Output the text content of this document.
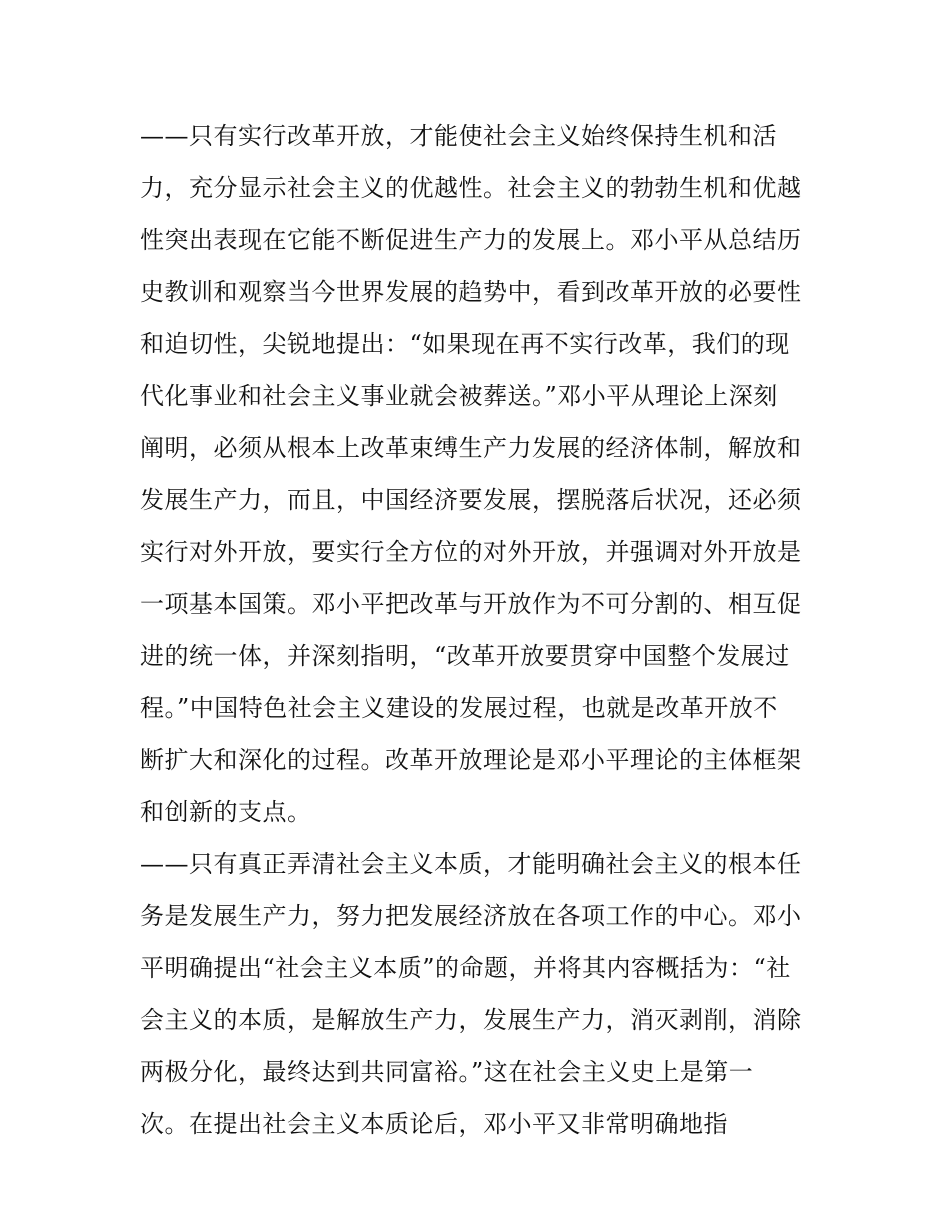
——只有实行改革开放，才能使社会主义始终保持生机和活
力，充分显示社会主义的优越性。社会主义的勃勃生机和优越
性突出表现在它能不断促进生产力的发展上。邓小平从总结历
史教训和观察当今世界发展的趋势中，看到改革开放的必要性
和迫切性，尖锐地提出：“如果现在再不实行改革，我们的现
代化事业和社会主义事业就会被葬送。”邓小平从理论上深刻
阐明，必须从根本上改革束缚生产力发展的经济体制，解放和
发展生产力，而且，中国经济要发展，摆脱落后状况，还必须
实行对外开放，要实行全方位的对外开放，并强调对外开放是
一项基本国策。邓小平把改革与开放作为不可分割的、相互促
进的统一体，并深刻指明，“改革开放要贯穿中国整个发展过
程。”中国特色社会主义建设的发展过程，也就是改革开放不
断扩大和深化的过程。改革开放理论是邓小平理论的主体框架
和创新的支点。
——只有真正弄清社会主义本质，才能明确社会主义的根本任
务是发展生产力，努力把发展经济放在各项工作的中心。邓小
平明确提出“社会主义本质”的命题，并将其内容概括为：“社
会主义的本质，是解放生产力，发展生产力，消灭剥削，消除
两极分化，最终达到共同富裕。”这在社会主义史上是第一
次。在提出社会主义本质论后，邓小平又非常明确地指
